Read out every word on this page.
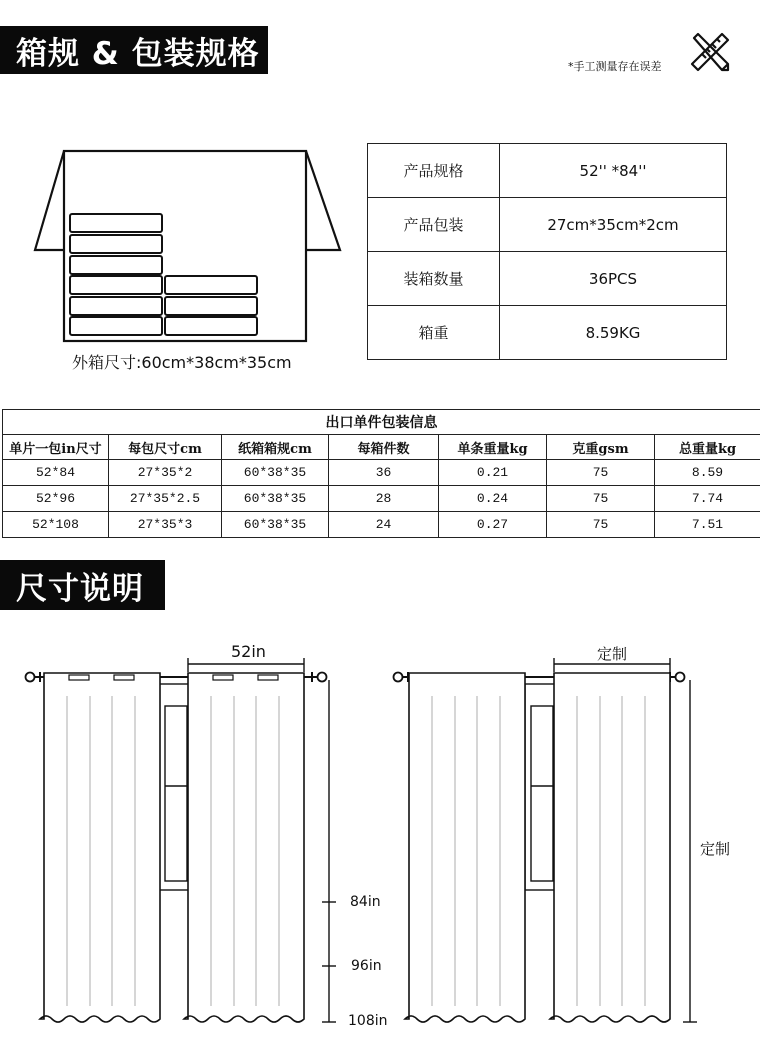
箱规 & 包装规格	*手工测量存在误差
外箱尺寸:60cm*38cm*35cm
产品规格	52'' *84''
产品包装	27cm*35cm*2cm
装箱数量	36PCS
箱重	8.59KG
出口单件包装信息						
单片一包in尺寸	每包尺寸cm	纸箱箱规cm	每箱件数	单条重量kg	克重gsm	总重量kg
52*84	27*35*2	60*38*35	36	0.21	75	8.59
52*96	27*35*2.5	60*38*35	28	0.24	75	7.74
52*108	27*35*3	60*38*35	24	0.27	75	7.51
尺寸说明
52in
84in
96in
108in
定制
定制
